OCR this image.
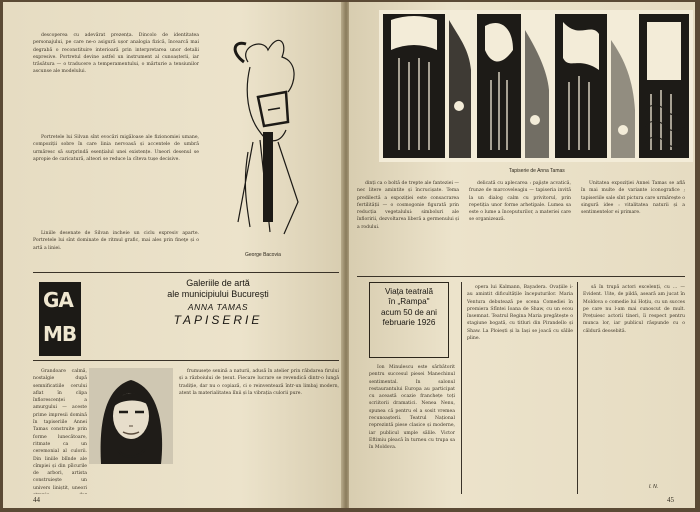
descoperea cu adevărat prezența. Dincolo de identitatea personajului, pe care ne-o asigură ușor analogia fizică, încearcă mai degrabă o reconstituire interioară prin interpretarea unor detalii expresive. Portretul devine astfel un instrument al cunoașterii, iar trăsătura — o traducere a temperamentului, o mărturie a tensiunilor ascunse ale modelului.

Portretele lui Silvan sînt evocări migăloase ale fizionomiei umane, compoziții sobre în care linia nervoasă și accentele de umbră urmăresc să surprindă esențialul unei existențe. Uneori desenul se apropie de caricatură, alteori se reduce la cîteva tușe decisive.

Liniile desenate de Silvan incheie un ciclu expresiv aparte. Portretele lui sînt dominate de ritmul grafic, mai ales prin fineţe și o artă a liniei.

George Bacovia
GA
MB
Galeriile de artă
ale municipiului București
ANNA TAMAS
TAPISERIE

Grandoare calmă, nostalgie după semnificatiile cerului aflat în clipa înflorescenței a amurgului — aceste prime impresii domină în tapiseriile Annei Tamas construite prin forme lunecătoare, ritmate ca un ceremonial al culorii. Din liniile blînde ale cîmpiei și din pîlcurile de arbori, artista construiește un univers liniștit, uneori

frumusețe senină a naturii, adusă în atelier prin răbdarea firului și a războiului de țesut. Fiecare lucrare se revendică dintr-o lungă tradiție, dar nu o copiază, ci o reinventează într-un limbaj modern, atent la materialitatea lînii și la vibrația culorii pure.

44
Tapiserie de Anna Tamas

dinți ca o boltă de trepte ale fanteziei — nec litere amintite și încrucișate. Tema predilectă a expoziției este consacrarea fertilității — o cosmogonie figurată prin reducția vegetalului: simboluri ale înfloririi, dezvoltarea liberă a germenului și a rodului.

delicată cu aplecarea : pajiște acvaticâ, frunze de marcoveleagiu — tapiseria invită la un dialog calm cu privitorul, prin repetiția unor forme arhetipale. Lumea sa este o lume a începuturilor, a materiei care se organizează.

Unitatea expoziției Annei Tamas se află în mai multe de variante iconografice ; tapiseriile sale sînt pictura care urmărește o singură idee : vitalitatea naturii și a sentimentelor ei primare.

Viața teatrală
în „Rampa"
acum 50 de ani
februarie 1926

Ion Minulescu este sărbătorit pentru succesul piesei Manechinul sentimental. In salonul restaurantului Europa au participat cu această ocazie franchețe toți scriitorii dramatici. Nenea Nenu, spunea că pentru el a sosit vremea recunoașterii. Teatrul Național reprezintă piese clasice și moderne, iar publicul umple sălile. Victor Eftimiu pleacă în turneu cu trupa sa în Moldova.

opera lui Kalmann, Bayadera. Ovațiile i-au amintit dificultățile începuturilor. Maria Ventura debutează pe scena Comediei în premiera Sfîntei Ioana de Shaw, cu un ecou însemnat. Teatrul Regina Maria pregătește o stagiune bogată, cu titluri din Pirandello și Shaw. La Ploiești și la Iași se joacă cu sălile pline.

să în trupă actori excelenți, cu … — Evident. Uite, de pildă, aseară am jucat în Moldova o comedie lui Hoțiu, cu un succes pe care nu l-am mai cunoscut de mult. Prețuiesc actorii tineri, îi respect pentru munca lor, iar publicul răspunde cu o căldură deosebită.

I. N.
45
